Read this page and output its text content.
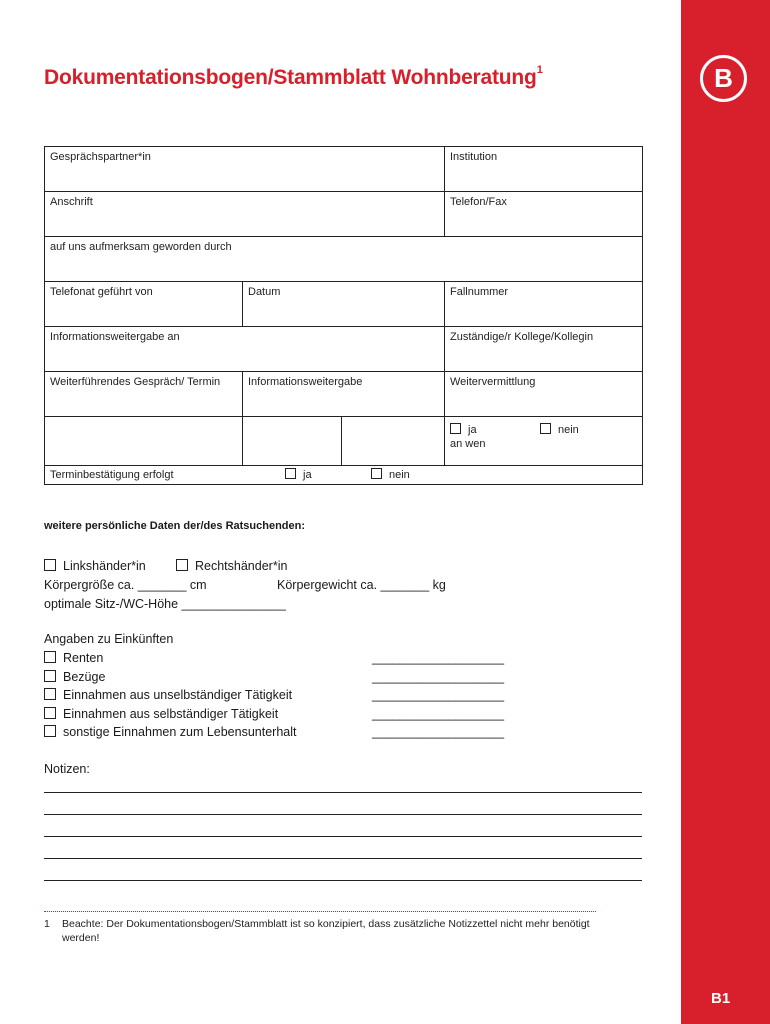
Dokumentationsbogen/Stammblatt Wohnberatung$^1$
Gesprächspartner*in			Institution
Anschrift			Telefon/Fax
auf uns aufmerksam geworden durch			
Telefonat geführt von	Datum		Fallnummer
Informationsweitergabe an			Zuständige/r Kollege/Kollegin
Weiterführendes Gespräch/ Termin	Informationsweitergabe		Weitervermittlung
			ja nein
an wen
Terminbestätigung erfolgt ja nein			
weitere persönliche Daten der/des Ratsuchenden:
Linkshänder*in	Rechtshänder*in
Körpergröße ca. _______ cm	Körpergewicht ca. _______ kg
optimale Sitz-/WC-Höhe _______________
Angaben zu Einkünften
Renten	___________________
Bezüge	___________________
Einnahmen aus unselbständiger Tätigkeit	___________________
Einnahmen aus selbständiger Tätigkeit	___________________
sonstige Einnahmen zum Lebensunterhalt	___________________
Notizen:
1 Beachte: Der Dokumentationsbogen/Stammblatt ist so konzipiert, dass zusätzliche Notizzettel nicht mehr benötigt werden!
B
B1
